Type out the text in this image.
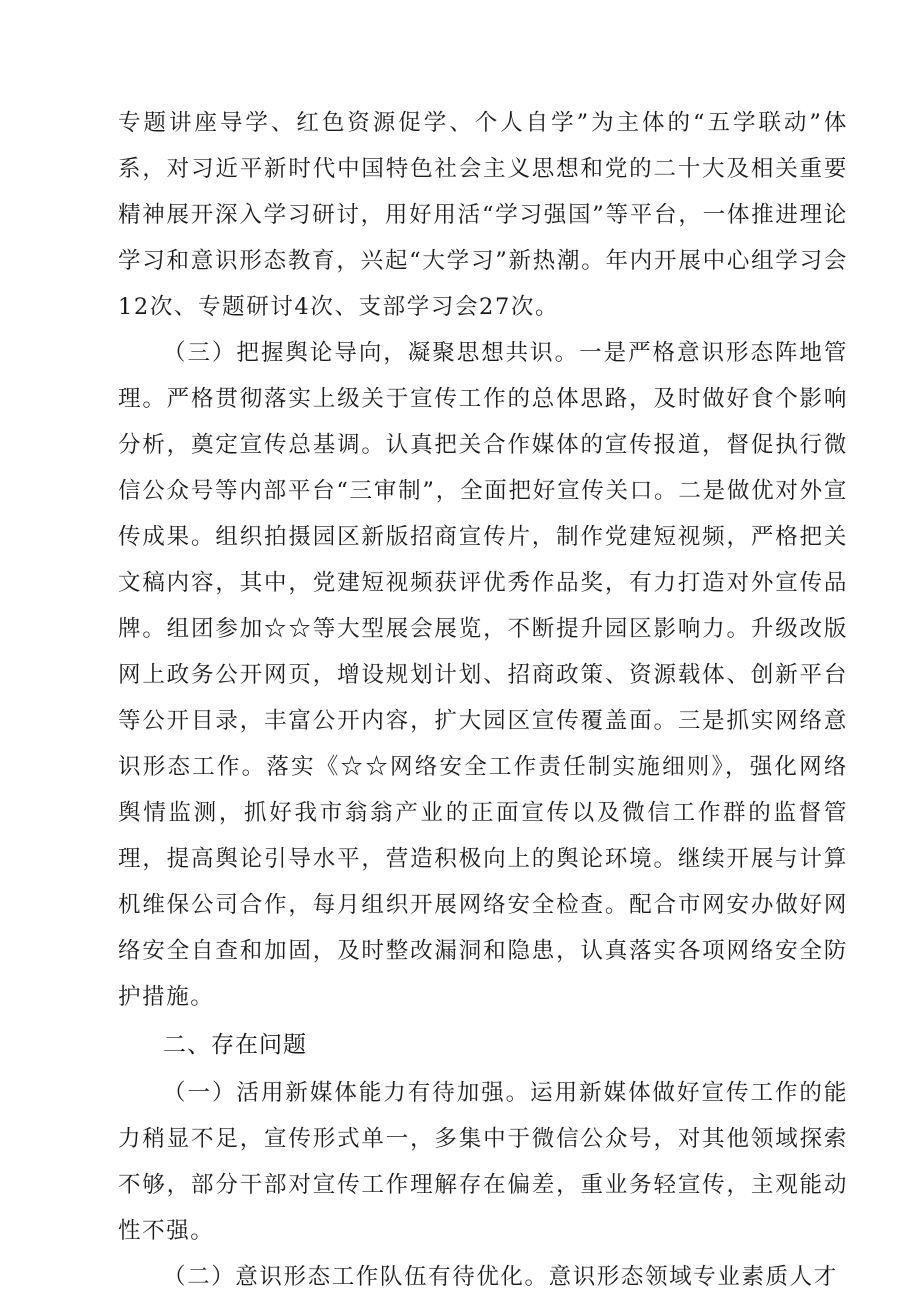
专题讲座导学、红色资源促学、个人自学”为主体的“五学联动”体系，对习近平新时代中国特色社会主义思想和党的二十大及相关重要精神展开深入学习研讨，用好用活“学习强国”等平台，一体推进理论学习和意识形态教育，兴起“大学习”新热潮。年内开展中心组学习会12次、专题研讨4次、支部学习会27次。

（三）把握舆论导向，凝聚思想共识。一是严格意识形态阵地管理。严格贯彻落实上级关于宣传工作的总体思路，及时做好食个影响分析，奠定宣传总基调。认真把关合作媒体的宣传报道，督促执行微信公众号等内部平台“三审制”，全面把好宣传关口。二是做优对外宣传成果。组织拍摄园区新版招商宣传片，制作党建短视频，严格把关文稿内容，其中，党建短视频获评优秀作品奖，有力打造对外宣传品牌。组团参加☆☆等大型展会展览，不断提升园区影响力。升级改版网上政务公开网页，增设规划计划、招商政策、资源载体、创新平台等公开目录，丰富公开内容，扩大园区宣传覆盖面。三是抓实网络意识形态工作。落实《☆☆网络安全工作责任制实施细则》，强化网络舆情监测，抓好我市翁翁产业的正面宣传以及微信工作群的监督管理，提高舆论引导水平，营造积极向上的舆论环境。继续开展与计算机维保公司合作，每月组织开展网络安全检查。配合市网安办做好网络安全自查和加固，及时整改漏洞和隐患，认真落实各项网络安全防护措施。

二、存在问题

（一）活用新媒体能力有待加强。运用新媒体做好宣传工作的能力稍显不足，宣传形式单一，多集中于微信公众号，对其他领域探索不够，部分干部对宣传工作理解存在偏差，重业务轻宣传，主观能动性不强。

（二）意识形态工作队伍有待优化。意识形态领域专业素质人才
